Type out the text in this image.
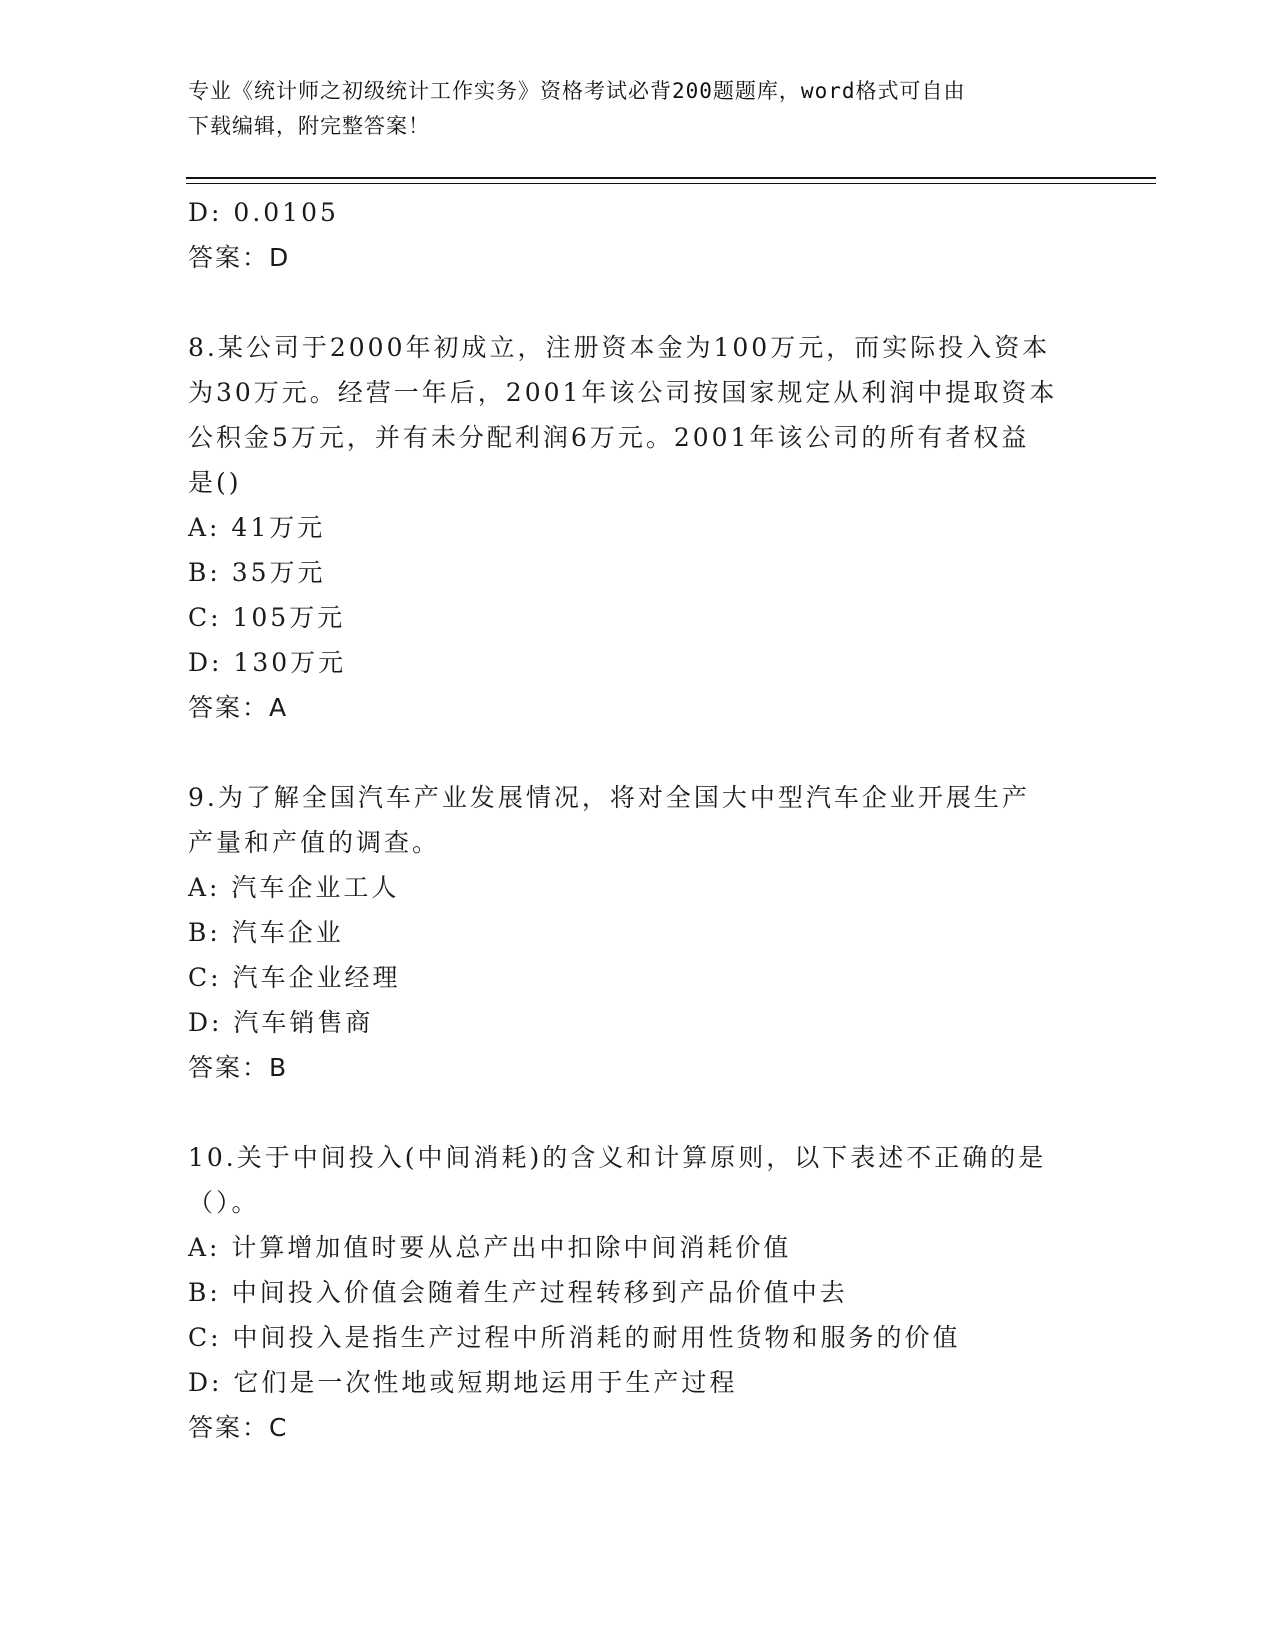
专业《统计师之初级统计工作实务》资格考试必背200题题库，word格式可自由
下载编辑，附完整答案！
D: 0.0105
答案：D
8.某公司于2000年初成立，注册资本金为100万元，而实际投入资本
为30万元。经营一年后，2001年该公司按国家规定从利润中提取资本
公积金5万元，并有未分配利润6万元。2001年该公司的所有者权益
是()
A: 41万元
B: 35万元
C: 105万元
D: 130万元
答案：A
9.为了解全国汽车产业发展情况，将对全国大中型汽车企业开展生产
产量和产值的调查。
A: 汽车企业工人
B: 汽车企业
C: 汽车企业经理
D: 汽车销售商
答案：B
10.关于中间投入(中间消耗)的含义和计算原则，以下表述不正确的是
（）。
A: 计算增加值时要从总产出中扣除中间消耗价值
B: 中间投入价值会随着生产过程转移到产品价值中去
C: 中间投入是指生产过程中所消耗的耐用性货物和服务的价值
D: 它们是一次性地或短期地运用于生产过程
答案：C
